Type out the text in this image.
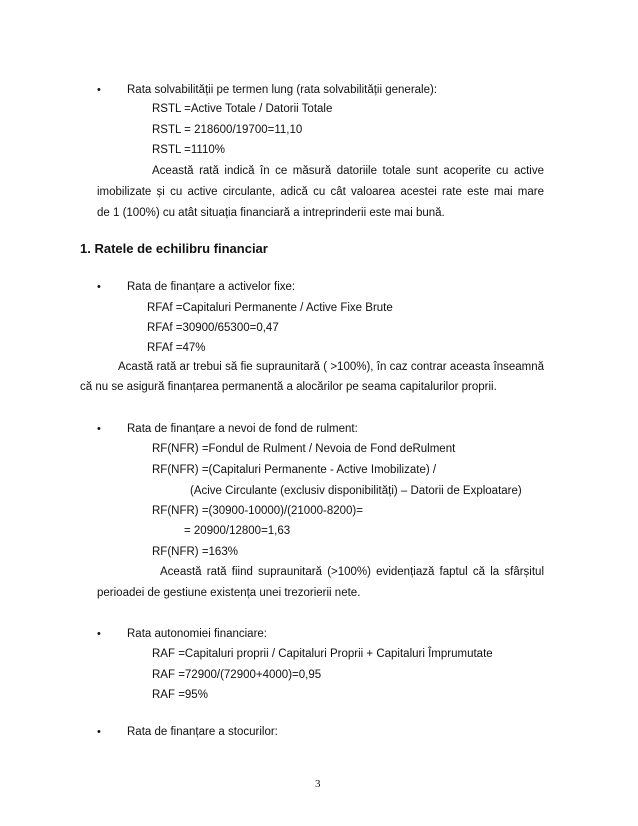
• Rata solvabilității pe termen lung (rata solvabilității generale):
RSTL =Active Totale / Datorii Totale
RSTL = 218600/19700=11,10
RSTL =1110%
Această rată indică în ce măsură datoriile totale sunt acoperite cu active
imobilizate și cu active circulante, adică cu cât valoarea acestei rate este mai mare
de 1 (100%) cu atât situația financiară a intreprinderii este mai bună.
1. Ratele de echilibru financiar
• Rata de finanțare a activelor fixe:
RFAf =Capitaluri Permanente / Active Fixe Brute
RFAf =30900/65300=0,47
RFAf =47%
Acastă rată ar trebui să fie supraunitară ( >100%), în caz contrar aceasta înseamnă
că nu se asigură finanțarea permanentă a alocărilor pe seama capitalurilor proprii.
• Rata de finanțare a nevoi de fond de rulment:
RF(NFR) =Fondul de Rulment / Nevoia de Fond deRulment
RF(NFR) =(Capitaluri Permanente - Active Imobilizate) /
(Acive Circulante (exclusiv disponibilități) – Datorii de Exploatare)
RF(NFR) =(30900-10000)/(21000-8200)=
= 20900/12800=1,63
RF(NFR) =163%
Această rată fiind supraunitară (>100%) evidențiază faptul că la sfârșitul
perioadei de gestiune existența unei trezorierii nete.
• Rata autonomiei financiare:
RAF =Capitaluri proprii / Capitaluri Proprii + Capitaluri Împrumutate
RAF =72900/(72900+4000)=0,95
RAF =95%
• Rata de finanțare a stocurilor:
3
